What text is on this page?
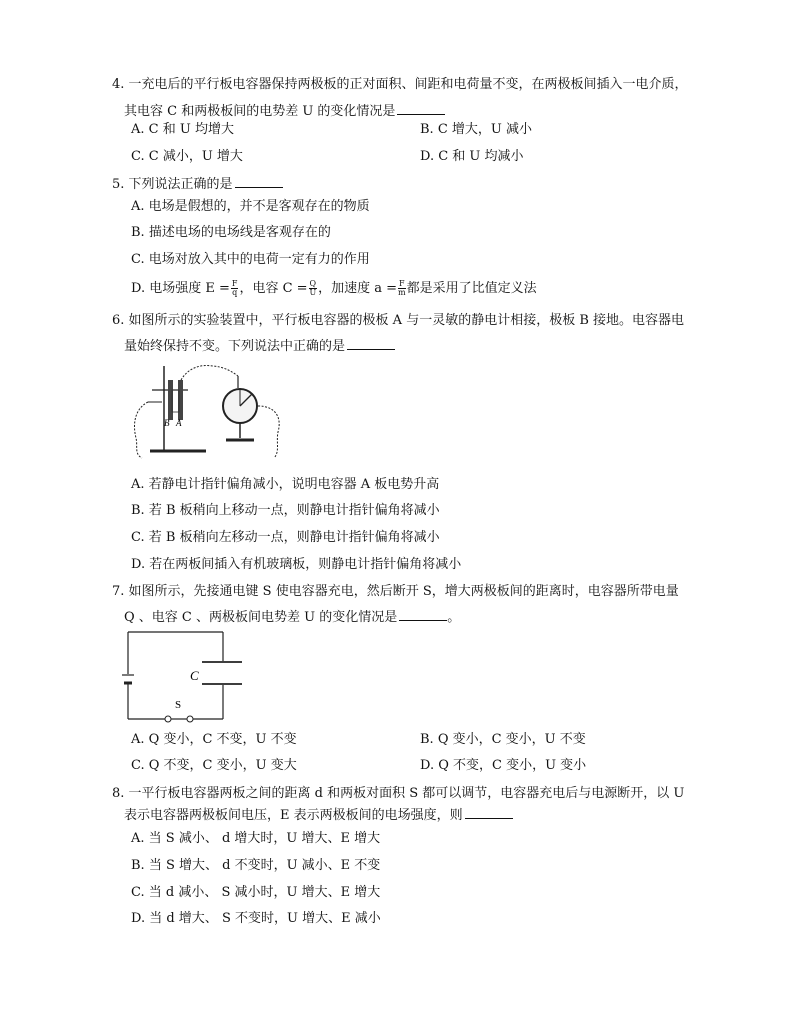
4. 一充电后的平行板电容器保持两极板的正对面积、间距和电荷量不变，在两极板间插入一电介质，
其电容 C 和两极板间的电势差 U 的变化情况是
A. C 和 U 均增大	B. C 增大，U 减小
C. C 减小，U 增大	D. C 和 U 均减小
5. 下列说法正确的是
A. 电场是假想的，并不是客观存在的物质
B. 描述电场的电场线是客观存在的
C. 电场对放入其中的电荷一定有力的作用
D. 电场强度 $E = \frac{F}{q}$ ，电容 $C = \frac{Q}{U}$ ，加速度 $a = \frac{F}{m}$ 都是采用了比值定义法
6. 如图所示的实验装置中，平行板电容器的极板 A 与一灵敏的静电计相接，极板 B 接地。电容器电
量始终保持不变。下列说法中正确的是
B A
A. 若静电计指针偏角减小，说明电容器 A 板电势升高
B. 若 B 板稍向上移动一点，则静电计指针偏角将减小
C. 若 B 板稍向左移动一点，则静电计指针偏角将减小
D. 若在两板间插入有机玻璃板，则静电计指针偏角将减小
7. 如图所示，先接通电键 S 使电容器充电，然后断开 S，增大两极板间的距离时，电容器所带电量
Q 、电容 C 、两极板间电势差 U 的变化情况是	。
C
S
A. Q 变小，C 不变，U 不变	B. Q 变小，C 变小，U 不变
C. Q 不变，C 变小，U 变大	D. Q 不变，C 变小，U 变小
8. 一平行板电容器两板之间的距离 d 和两板对面积 S 都可以调节，电容器充电后与电源断开，以 U
表示电容器两极板间电压，E 表示两极板间的电场强度，则
A. 当 S 减小、 d 增大时，U 增大、E 增大
B. 当 S 增大、 d 不变时，U 减小、E 不变
C. 当 d 减小、 S 减小时，U 增大、E 增大
D. 当 d 增大、 S 不变时，U 增大、E 减小
